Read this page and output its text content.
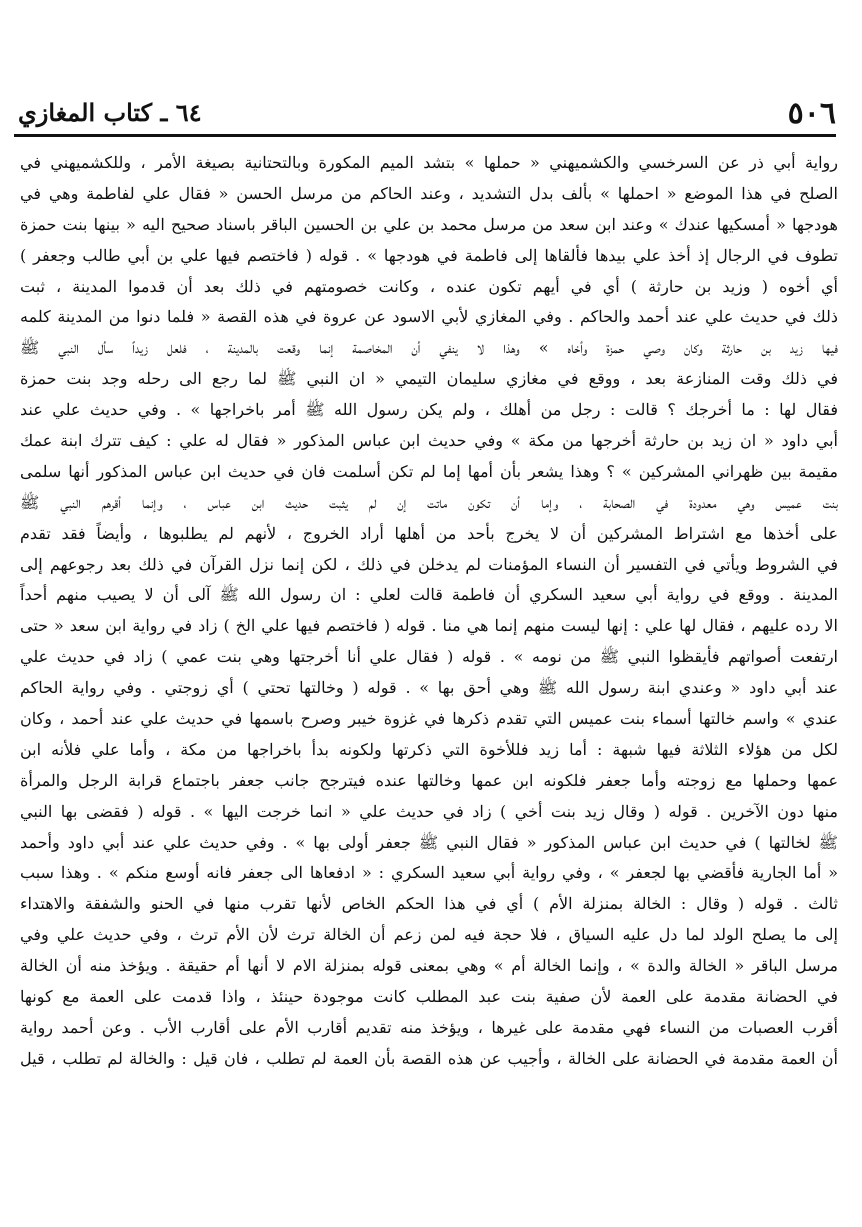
٥٠٦
٦٤ ـ كتاب المغازي
رواية أبي ذر عن السرخسي والكشميهني « حملها » بتشد الميم المكورة وبالتحتانية بصيغة الأمر ، وللكشميهني في
الصلح في هذا الموضع « احملها » بألف بدل التشديد ، وعند الحاكم من مرسل الحسن « فقال علي لفاطمة وهي في
هودجها « أمسكيها عندك » وعند ابن سعد من مرسل محمد بن علي بن الحسين الباقر باسناد صحيح اليه « بينها بنت حمزة
تطوف في الرجال إذ أخذ علي بيدها فألقاها إلى فاطمة في هودجها » . قوله ( فاختصم فيها علي بن أبي طالب وجعفر )
أي أخوه ( وزيد بن حارثة ) أي في أيهم تكون عنده ، وكانت خصومتهم في ذلك بعد أن قدموا المدينة ، ثبت
ذلك في حديث علي عند أحمد والحاكم . وفي المغازي لأبي الاسود عن عروة في هذه القصة « فلما دنوا من المدينة كلمه
فيها زيد بن حارثة وكان وصي حمزة وأخاه » وهذا لا ينفي أن المخاصمة إنما وقعت بالمدينة ، فلعل زيداً سأل النبي ﷺ
في ذلك وقت المنازعة بعد ، ووقع في مغازي سليمان التيمي « ان النبي ﷺ لما رجع الى رحله وجد بنت حمزة
فقال لها : ما أخرجك ؟ قالت : رجل من أهلك ، ولم يكن رسول الله ﷺ أمر باخراجها » . وفي حديث علي عند
أبي داود « ان زيد بن حارثة أخرجها من مكة » وفي حديث ابن عباس المذكور « فقال له علي : كيف تترك ابنة عمك
مقيمة بين ظهراني المشركين » ؟ وهذا يشعر بأن أمها إما لم تكن أسلمت فان في حديث ابن عباس المذكور أنها سلمى
بنت عميس وهي معدودة في الصحابة ، وإما أن تكون ماتت إن لم يثبت حديث ابن عباس ، وإنما أقرهم النبي ﷺ
على أخذها مع اشتراط المشركين أن لا يخرج بأحد من أهلها أراد الخروج ، لأنهم لم يطلبوها ، وأيضاً فقد تقدم
في الشروط ويأتي في التفسير أن النساء المؤمنات لم يدخلن في ذلك ، لكن إنما نزل القرآن في ذلك بعد رجوعهم إلى
المدينة . ووقع في رواية أبي سعيد السكري أن فاطمة قالت لعلي : ان رسول الله ﷺ آلى أن لا يصيب منهم أحداً
الا رده عليهم ، فقال لها علي : إنها ليست منهم إنما هي منا . قوله ( فاختصم فيها علي الخ ) زاد في رواية ابن سعد « حتى
ارتفعت أصواتهم فأيقظوا النبي ﷺ من نومه » . قوله ( فقال علي أنا أخرجتها وهي بنت عمي ) زاد في حديث علي
عند أبي داود « وعندي ابنة رسول الله ﷺ وهي أحق بها » . قوله ( وخالتها تحتي ) أي زوجتي . وفي رواية الحاكم
عندي » واسم خالتها أسماء بنت عميس التي تقدم ذكرها في غزوة خيبر وصرح باسمها في حديث علي عند أحمد ، وكان
لكل من هؤلاء الثلاثة فيها شبهة : أما زيد فللأخوة التي ذكرتها ولكونه بدأ باخراجها من مكة ، وأما علي فلأنه ابن
عمها وحملها مع زوجته وأما جعفر فلكونه ابن عمها وخالتها عنده فيترجح جانب جعفر باجتماع قرابة الرجل والمرأة
منها دون الآخرين . قوله ( وقال زيد بنت أخي ) زاد في حديث علي « انما خرجت اليها » . قوله ( فقضى بها النبي
ﷺ لخالتها ) في حديث ابن عباس المذكور « فقال النبي ﷺ جعفر أولى بها » . وفي حديث علي عند أبي داود وأحمد
« أما الجارية فأقضي بها لجعفر » ، وفي رواية أبي سعيد السكري : « ادفعاها الى جعفر فانه أوسع منكم » . وهذا سبب
ثالث . قوله ( وقال : الخالة بمنزلة الأم ) أي في هذا الحكم الخاص لأنها تقرب منها في الحنو والشفقة والاهتداء
إلى ما يصلح الولد لما دل عليه السياق ، فلا حجة فيه لمن زعم أن الخالة ترث لأن الأم ترث ، وفي حديث علي وفي
مرسل الباقر « الخالة والدة » ، وإنما الخالة أم » وهي بمعنى قوله بمنزلة الام لا أنها أم حقيقة . ويؤخذ منه أن الخالة
في الحضانة مقدمة على العمة لأن صفية بنت عبد المطلب كانت موجودة حينئذ ، واذا قدمت على العمة مع كونها
أقرب العصبات من النساء فهي مقدمة على غيرها ، ويؤخذ منه تقديم أقارب الأم على أقارب الأب . وعن أحمد رواية
أن العمة مقدمة في الحضانة على الخالة ، وأجيب عن هذه القصة بأن العمة لم تطلب ، فان قيل : والخالة لم تطلب ، قيل
